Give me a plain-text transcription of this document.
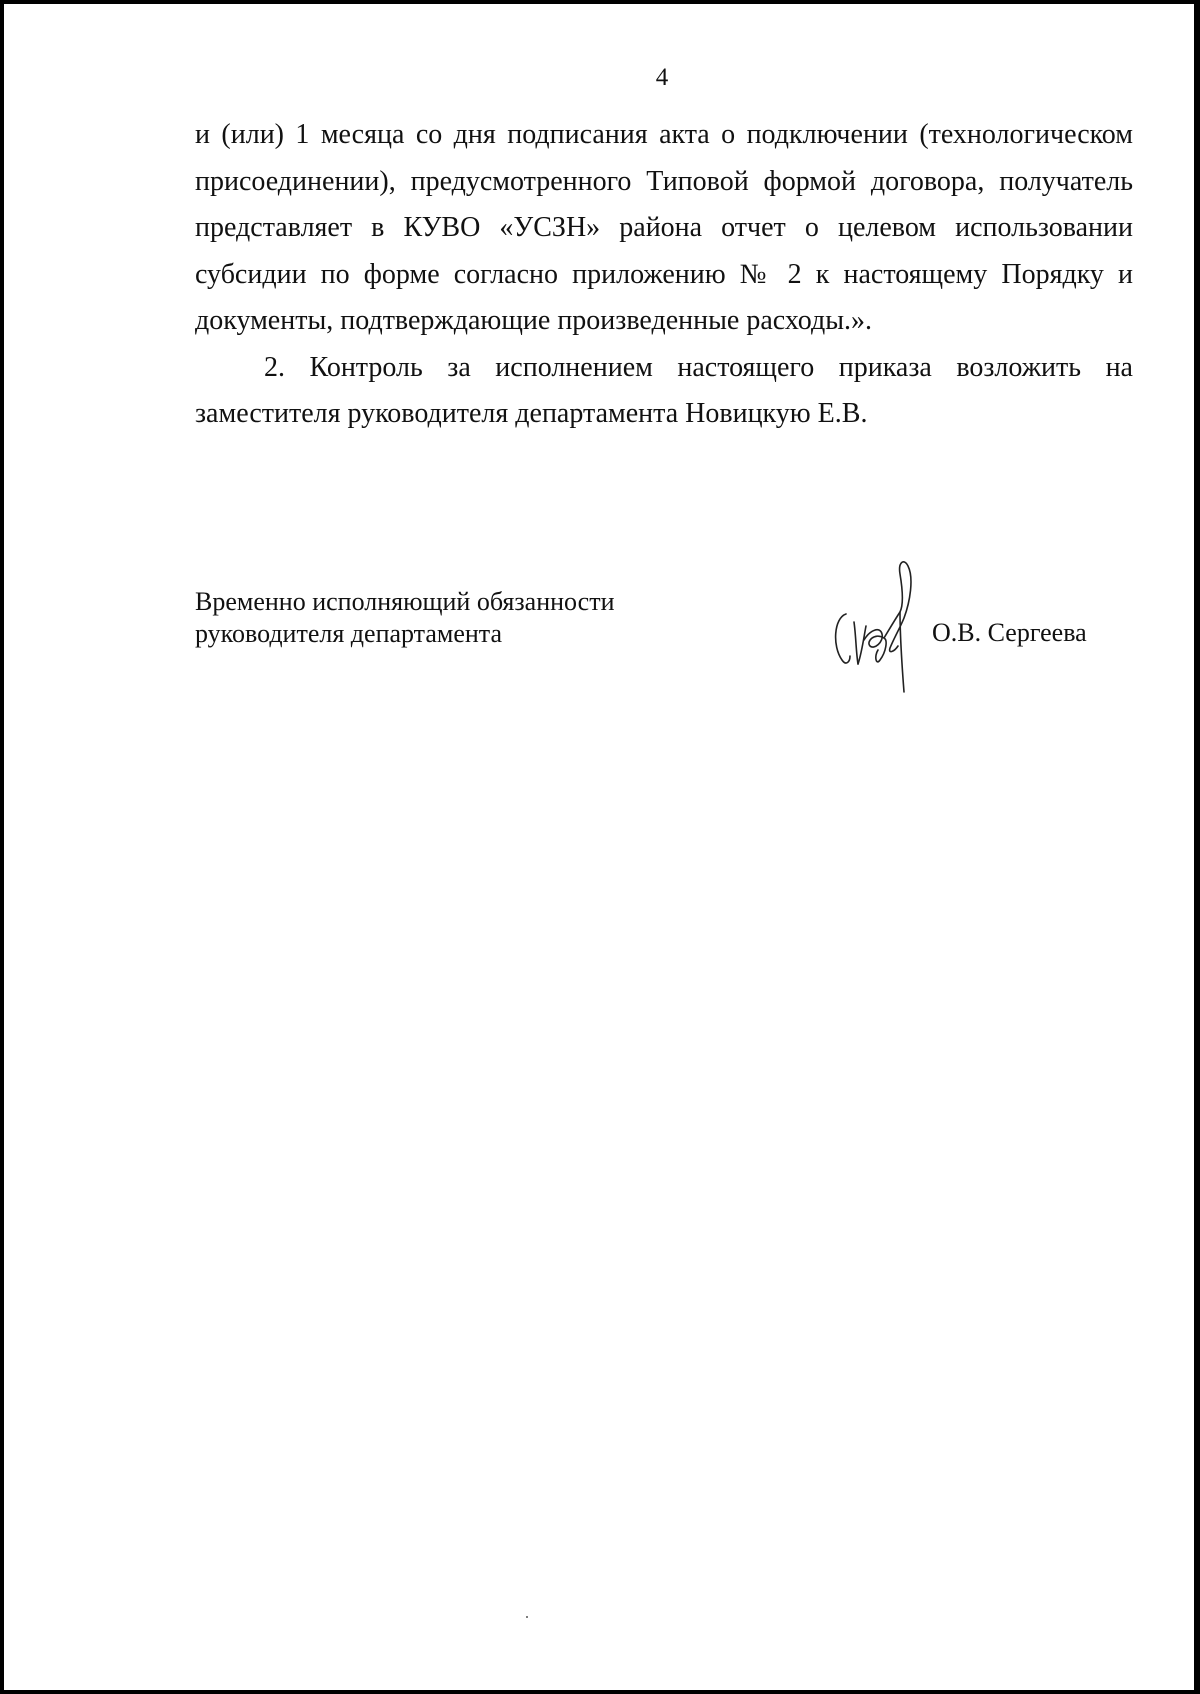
4

и (или) 1 месяца со дня подписания акта о подключении (технологическом присоединении), предусмотренного Типовой формой договора, получатель представляет в КУВО «УСЗН» района отчет о целевом использовании субсидии по форме согласно приложению № 2 к настоящему Порядку и документы, подтверждающие произведенные расходы.».

2. Контроль за исполнением настоящего приказа возложить на заместителя руководителя департамента Новицкую Е.В.

Временно исполняющий обязанности
руководителя департамента	О.В. Сергеева
